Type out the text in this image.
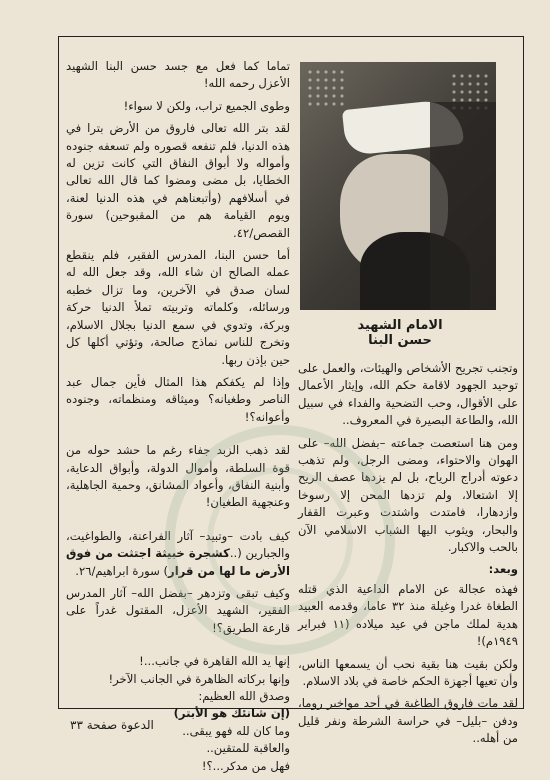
تماما كما فعل مع جسد حسن البنا الشهيد الأعزل رحمه الله!

وطوى الجميع تراب، ولكن لا سواء!

لقد بتر الله تعالى فاروق من الأرض بترا في هذه الدنيا، فلم تنفعه قصوره ولم تسعفه جنوده وأمواله ولا أبواق النفاق التي كانت تزين له الخطايا، بل مضى ومضوا كما قال الله تعالى في أسلافهم (وأتبعناهم في هذه الدنيا لعنة، ويوم القيامة هم من المقبوحين) سورة القصص/٤٢.

أما حسن البنا، المدرس الفقير، فلم ينقطع عمله الصالح ان شاء الله، وقد جعل الله له لسان صدق في الآخرين، وما تزال خطبه ورسائله، وكلماته وتربيته تملأ الدنيا حركة وبركة، وتدوي في سمع الدنيا بجلال الاسلام، وتخرج للناس نماذج صالحة، وتؤتي أكلها كل حين بإذن ربها.

وإذا لم يكفكم هذا المثال فأين جمال عبد الناصر وطغيانه؟ وميثاقه ومنظماته، وجنوده وأعوانه؟!

لقد ذهب الزبد جفاء رغم ما حشد حوله من قوة السلطة، وأموال الدولة، وأبواق الدعاية، وأبنية النفاق، وأعواد المشانق، وحمية الجاهلية، وعنجهية الطغيان!

كيف بادت –وتبيد– آثار الفراعنة، والطواغيت، والجبارين (..كشجرة خبيثة اجتثت من فوق الأرض ما لها من قرار) سورة ابراهيم/٢٦.

وكيف تبقى وتزدهر –بفضل الله– آثار المدرس الفقير، الشهيد الأعزل، المقتول غدراً على قارعة الطريق؟!

إنها يد الله القاهرة في جانب...!

وإنها بركاته الظاهرة في الجانب الآخر!

وصدق الله العظيم:

(إن شانئك هو الأبتر)

وما كان لله فهو يبقى..

والعاقبة للمتقين..

فهل من مدكر...؟!

الامام الشهيد
حسن البنا

وتجنب تجريح الأشخاص والهيئات، والعمل على توحيد الجهود لاقامة حكم الله، وإيثار الأعمال على الأقوال، وحب التضحية والفداء في سبيل الله، والطاعة البصيرة في المعروف..

ومن هنا استعصت جماعته –بفضل الله– على الهوان والاحتواء، ومضى الرجل، ولم تذهب دعوته أدراج الرياح، بل لم يزدها عصف الريح إلا اشتعالا، ولم تزدها المحن إلا رسوخا وازدهارا، فامتدت واشتدت وعبرت القفار والبحار، ويثوب اليها الشباب الاسلامي الآن بالحب والاكبار.

وبعد:

فهذه عجالة عن الامام الداعية الذي قتله الطغاة غدرا وغيلة منذ ٣٢ عاما، وقدمه العبيد هدية لملك ماجن في عيد ميلاده (١١ فبراير ١٩٤٩م)!

ولكن بقيت هنا بقية نحب أن يسمعها الناس، وأن تعيها أجهزة الحكم خاصة في بلاد الاسلام.

لقد مات فاروق الطاغية في أحد مواخير روما، ودفن –بليل– في حراسة الشرطة ونفر قليل من أهله..

الدعوة صفحة ٣٣
